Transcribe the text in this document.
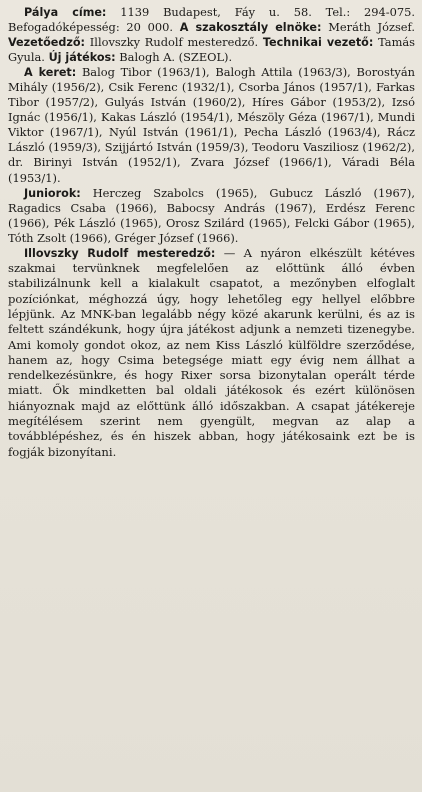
Pálya címe: 1139 Budapest, Fáy u. 58. Tel.: 294-075. Befogadóképesség: 20 000. A szakosztály elnöke: Meráth József. Vezetőedző: Illovszky Rudolf mesteredző. Technikai vezető: Tamás Gyula. Új játékos: Balogh A. (SZEOL).

A keret: Balog Tibor (1963/1), Balogh Attila (1963/3), Borostyán Mihály (1956/2), Csik Ferenc (1932/1), Csorba János (1957/1), Farkas Tibor (1957/2), Gulyás István (1960/2), Híres Gábor (1953/2), Izsó Ignác (1956/1), Kakas László (1954/1), Mészöly Géza (1967/1), Mundi Viktor (1967/1), Nyúl István (1961/1), Pecha László (1963/4), Rácz László (1959/3), Szijjártó István (1959/3), Teodoru Vasziliosz (1962/2), dr. Birinyi István (1952/1), Zvara József (1966/1), Váradi Béla (1953/1).

Juniorok: Herczeg Szabolcs (1965), Gubucz László (1967), Ragadics Csaba (1966), Babocsy András (1967), Erdész Ferenc (1966), Pék László (1965), Orosz Szilárd (1965), Felcki Gábor (1965), Tóth Zsolt (1966), Gréger József (1966).

Illovszky Rudolf mesteredző: — A nyáron elkészült kétéves szakmai tervünknek megfelelően az előttünk álló évben stabilizálnunk kell a kialakult csapatot, a mezőnyben elfoglalt pozíciónkat, méghozzá úgy, hogy lehetőleg egy hellyel előbbre lépjünk. Az MNK-ban legalább négy közé akarunk kerülni, és az is feltett szándékunk, hogy újra játékost adjunk a nemzeti tizenegybe. Ami komoly gondot okoz, az nem Kiss László külföldre szerződése, hanem az, hogy Csima betegsége miatt egy évig nem állhat a rendelkezésünkre, és hogy Rixer sorsa bizonytalan operált térde miatt. Ők mindketten bal oldali játékosok és ezért különösen hiányoznak majd az előttünk álló időszakban. A csapat játékereje megítélésem szerint nem gyengült, megvan az alap a továbblépéshez, és én hiszek abban, hogy játékosaink ezt be is fogják bizonyítani.
